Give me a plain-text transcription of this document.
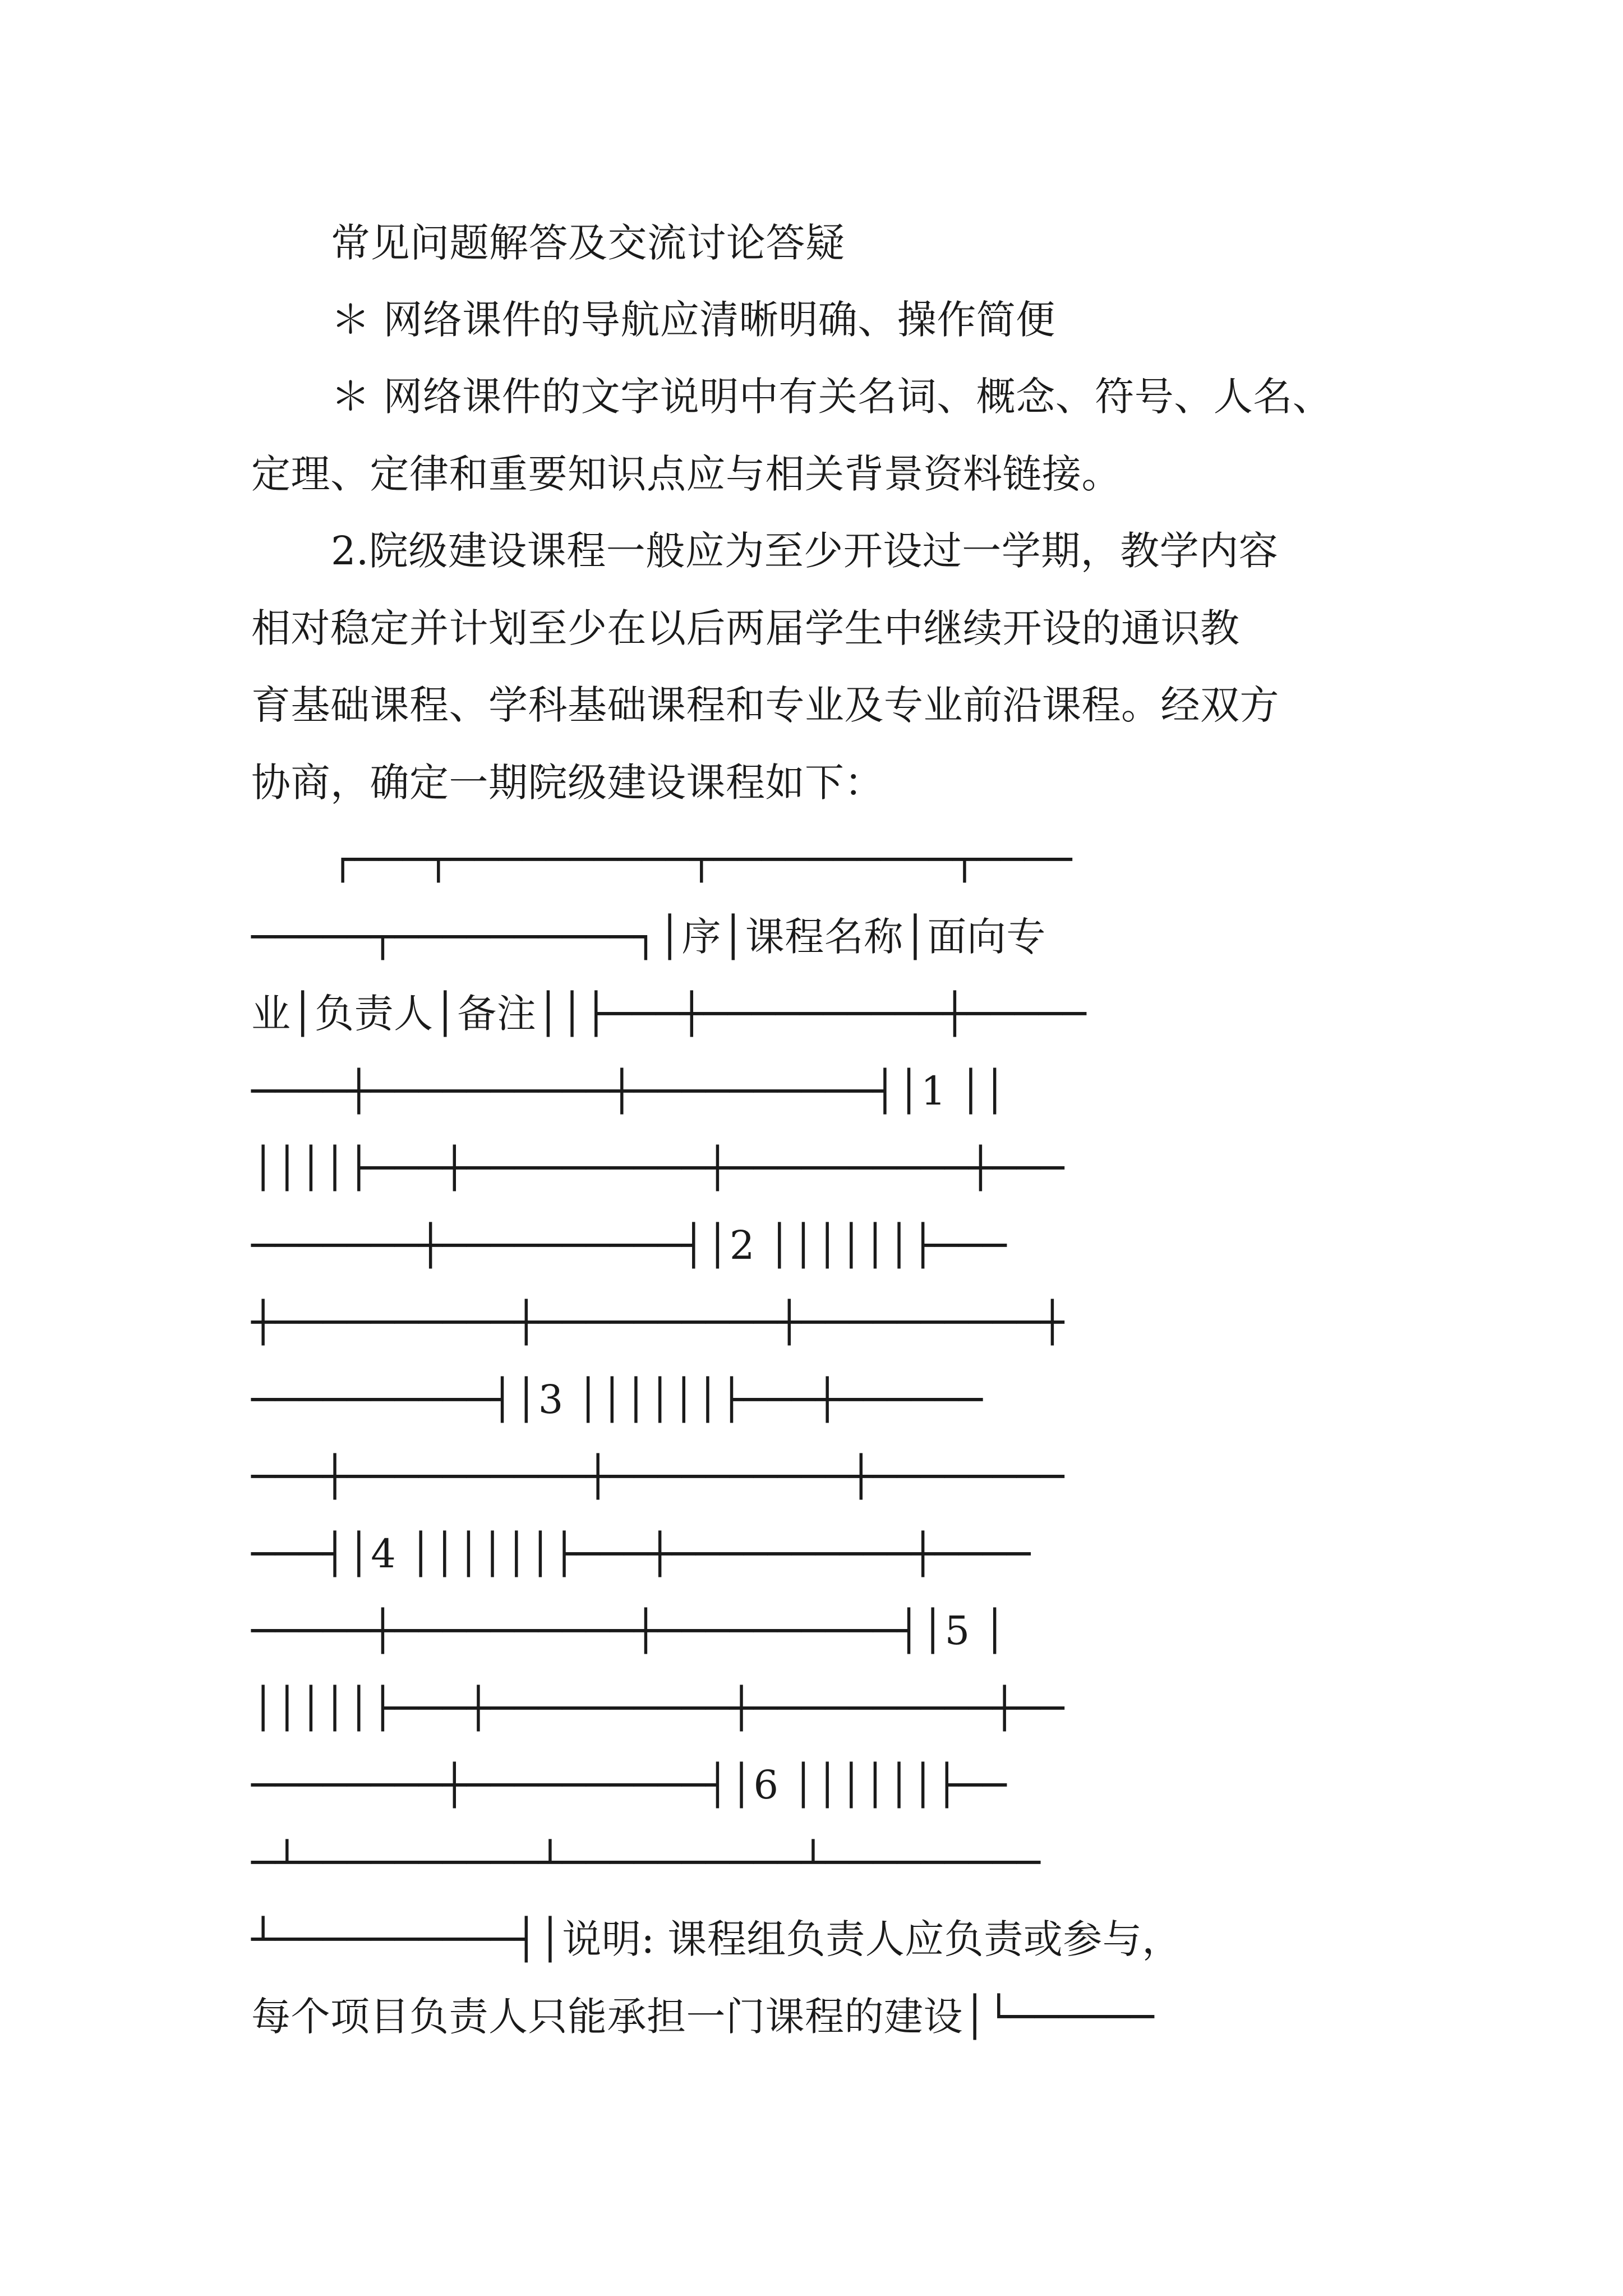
常见问题解答及交流讨论答疑
＊ 网络课件的导航应清晰明确、操作简便
＊ 网络课件的文字说明中有关名词、概念、符号、人名、
定理、定律和重要知识点应与相关背景资料链接。
2.院级建设课程一般应为至少开设过一学期，教学内容
相对稳定并计划至少在以后两届学生中继续开设的通识教
育基础课程、学科基础课程和专业及专业前沿课程。经双方
协商，确定一期院级建设课程如下：
┌───┬──────────┬──────────┬────
─────┬──────────┐│序│课程名称│面向专
业│负责人│备注││├───┼──────────┼─────
────┼──────────┼──────────┤│1 ││
││││├───┼──────────┼──────────┼───
───────┼──────────┤│2 ││││││├───
┼──────────┼──────────┼──────────┼
──────────┤│3 ││││││├───┼──────
───┼──────────┼──────────┼────────
───┤│4 ││││││├───┼──────────┼────
─────┼──────────┼──────────┤│5 │
│││││├───┼──────────┼──────────┼──
────────┼──────────┤│6 ││││││├──
─┴──────────┴──────────┴─────────
┴──────────┤│说明: 课程组负责人应负责或参与，
每个项目负责人只能承担一门课程的建设│└──────
